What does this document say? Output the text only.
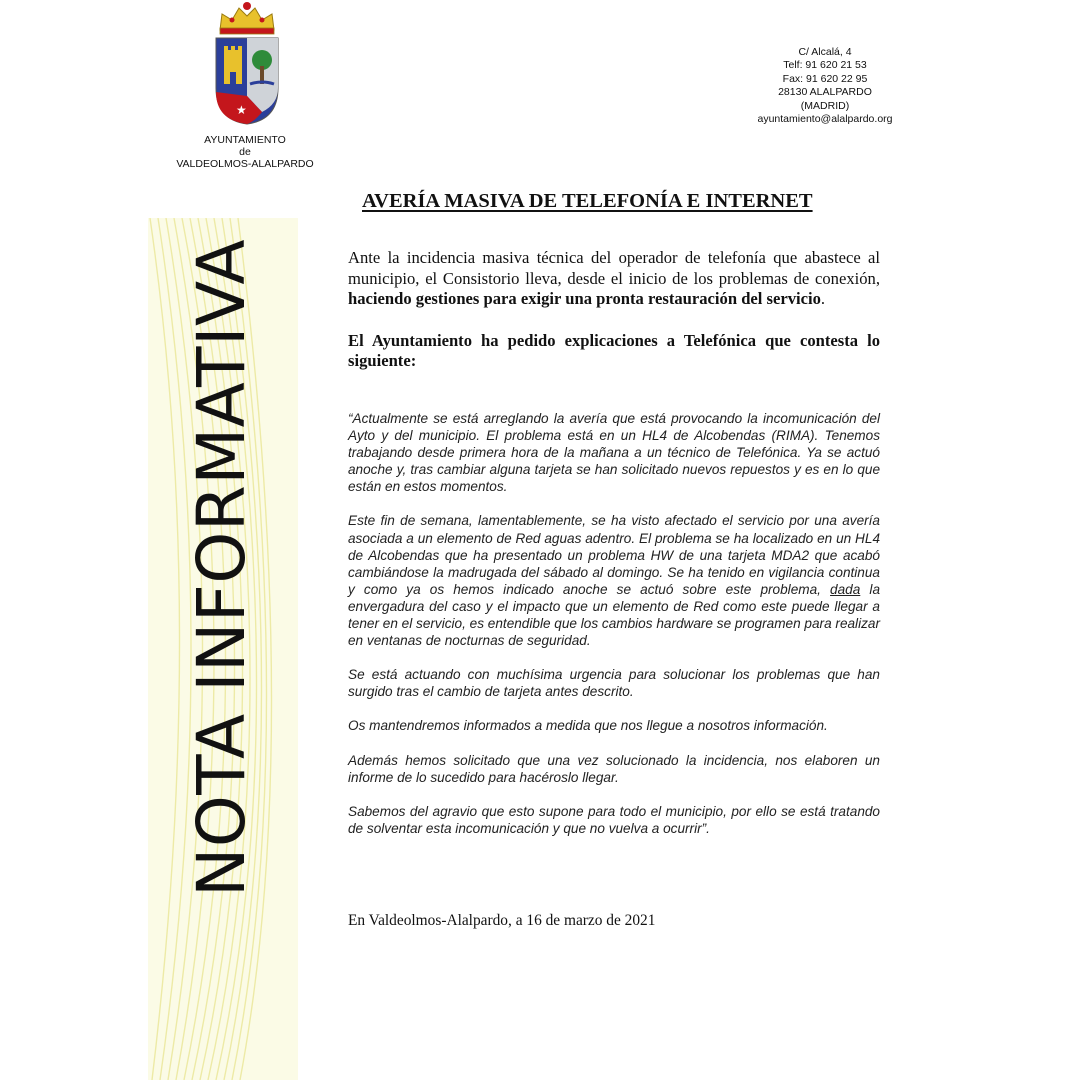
★
AYUNTAMIENTO
de
VALDEOLMOS-ALALPARDO
C/ Alcalá, 4
Telf: 91 620 21 53
Fax: 91 620 22 95
28130 ALALPARDO
(MADRID)
ayuntamiento@alalpardo.org
NOTA INFORMATIVA
AVERÍA MASIVA DE TELEFONÍA E INTERNET
Ante la incidencia masiva técnica del operador de telefonía que abastece al municipio, el Consistorio lleva, desde el inicio de los problemas de conexión, haciendo gestiones para exigir una pronta restauración del servicio.
El Ayuntamiento ha pedido explicaciones a Telefónica que contesta lo siguiente:

“Actualmente se está arreglando la avería que está provocando la incomunicación del Ayto y del municipio. El problema está en un HL4 de Alcobendas (RIMA). Tenemos trabajando desde primera hora de la mañana a un técnico de Telefónica. Ya se actuó anoche y, tras cambiar alguna tarjeta se han solicitado nuevos repuestos y es en lo que están en estos momentos.

Este fin de semana, lamentablemente, se ha visto afectado el servicio por una avería asociada a un elemento de Red aguas adentro. El problema se ha localizado en un HL4 de Alcobendas que ha presentado un problema HW de una tarjeta MDA2 que acabó cambiándose la madrugada del sábado al domingo. Se ha tenido en vigilancia continua y como ya os hemos indicado anoche se actuó sobre este problema, dada la envergadura del caso y el impacto que un elemento de Red como este puede llegar a tener en el servicio, es entendible que los cambios hardware se programen para realizar en ventanas de nocturnas de seguridad.

Se está actuando con muchísima urgencia para solucionar los problemas que han surgido tras el cambio de tarjeta antes descrito.

Os mantendremos informados a medida que nos llegue a nosotros información.

Además hemos solicitado que una vez solucionado la incidencia, nos elaboren un informe de lo sucedido para hacéroslo llegar.

Sabemos del agravio que esto supone para todo el municipio, por ello se está tratando de solventar esta incomunicación y que no vuelva a ocurrir”.

En Valdeolmos-Alalpardo, a 16 de marzo de 2021
